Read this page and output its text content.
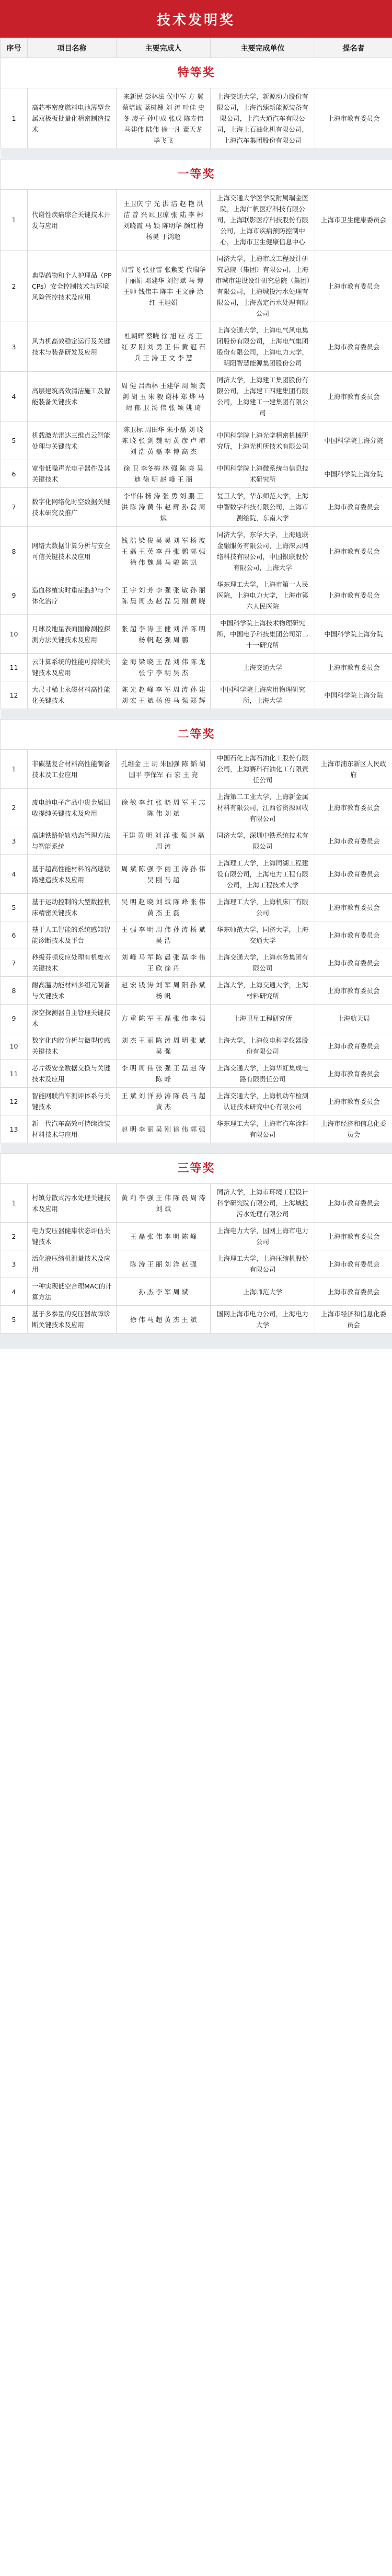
技术发明奖
序号	项目名称	主要完成人	主要完成单位	提名者
特等奖				
1	高芯率密度燃料电池薄型金属双极板批量化精密制造技术	来新民 彭林法 侯中军 方 翼 蔡培诚 蓝树槐 刘 涛 叶佳 史冬 凌子 孙中成 张成 陈寿伟 马建伟 陆伟 徐一凡 董天龙 毕飞飞	上海交通大学，新源动力股份有限公司，上海治臻新能源装备有限公司，上汽大通汽车有限公司，上海上石油化机有限公司，上海汽车集团股份有限公司	上海市教育委员会

一等奖				
1	代谢性疾病综合关键技术开发与应用	王卫庆 宁 光 洪 洁 赵 艳 洪 洁 曾 兴 顾卫琼 张 陆 李 彬 刘晓霞 马 颖 陈明华 颜红梅 杨昊 于鸿超	上海交通大学医学院附属瑞金医院，上海仁帆医疗科技有限公司，上海联影医疗科技股份有限公司，上海市疾病预防控制中心，上海市卫生健康信息中心	上海市卫生健康委员会
2	典型药物和个人护理品（PPCPs）安全控制技术与环境风险管控技术及应用	周雪飞 张亚雷 张紫雯 代瑞华 于丽娟 邓建华 刘智斌 马 博 王帅 钱伟丰 陈丰 王文静 涂红 王旭娟	同济大学，上海市政工程设计研究总院（集团）有限公司，上海市城市建设设计研究总院（集团）有限公司，上海城投污水处理有限公司，上海嘉定污水处理有限公司	上海市教育委员会
3	风力机高效稳定运行及关键技术与装备研发及应用	杜朝辉 蔡晓 徐 旭 应 亮 王 红 罗 刚 刘 勇 王 伟 黄 冠 石 兵 王 涛 王 文 李 慧	上海交通大学，上海电气风电集团股份有限公司，上海电气集团股份有限公司，上海电力大学，明阳智慧能源集团股份公司	上海市教育委员会
4	高层建筑高效清洁施工及智能装备关键技术	周 健 吕西林 王建华 周 颖 龚 剑 胡 玉 朱 毅 谢林 郑 烨 马 靖 郁 卫 汤 伟 张 颖 姚 琦	同济大学，上海建工集团股份有限公司，上海建工四建集团有限公司，上海建工一建集团有限公司	上海市教育委员会
5	机载激光雷达三维点云智能处理与关键技术	陈卫标 周田华 朱小磊 刘 晓 陈 晓 张 剑 魏 明 黄 彦 卢 沛 刘 浩 黄 磊 李 博 高 杰	中国科学院上海光学精密机械研究所，上海光机所技术有限公司	中国科学院上海分院
6	宽带低噪声光电子器件及其关键技术	徐 卫 李冬梅 林 强 陈 亮 吴 迪 徐 明 赵 峰 王 丽	中国科学院上海微系统与信息技术研究所	中国科学院上海分院
7	数字化网络化时空数据关键技术研究及推广	李华伟 杨 涛 张 勇 刘 鹏 王 洪 陈 涛 黄 伟 赵 辉 孙 磊 周 斌	复旦大学，华东师范大学，上海中智数字科技有限公司，上海市测绘院，东南大学	上海市教育委员会
8	网络大数据计算分析与安全可信关键技术及应用	钱 浩 梁 俊 吴 昊 刘 军 杨 波 王 磊 王 英 李 丹 张 鹏 郭 强 徐 伟 魏 晨 马 骏 陈 凯	同济大学，东华大学，上海通联金融服务有限公司，上海深云网络科技有限公司，中国银联股份有限公司，上海大学	上海市教育委员会
9	造血移植实时重症监护与个体化治疗	王 宇 刘 芳 李 强 张 敏 孙 丽 陈 晨 周 杰 赵 磊 吴 刚 黄 晓	华东理工大学，上海市第一人民医院，上海电力大学，上海市第六人民医院	上海市教育委员会
10	月球及地星表面图像测控探测方法关键技术及应用	张 超 李 涛 王 健 刘 洋 陈 明 杨 帆 赵 强 周 鹏	中国科学院上海技术物理研究所，中国电子科技集团公司第二十一研究所	中国科学院上海分院
11	云计算系统的性能可持续关键技术及应用	金 海 梁 晓 王 磊 刘 伟 陈 龙 张 宁 李 明 吴 杰	上海交通大学	上海市教育委员会
12	大尺寸稀土永磁材料高性能化关键技术	陈 光 赵 峰 李 军 周 涛 孙 建 刘 宏 王 斌 杨 俊 马 强 郑 辉	中国科学院上海应用物理研究所，上海大学	中国科学院上海分院

二等奖				
1	非碳基复合材料高性能制备技术及工业应用	孔维金 王 玥 朱国强 陈 韬 胡国平 李保军 石 宏 王 亮	中国石化上海石油化工股份有限公司，上海赛科石油化工有限责任公司	上海市浦东新区人民政府
2	废电池电子产品中贵金属回收提纯关键技术及应用	徐 敏 李 红 张 晓 周 军 王 志 陈 伟 刘 斌	上海第二工业大学，上海新金属材料有限公司，江西省资源回收有限公司	上海市教育委员会
3	高速铁路轮轨动态管理方法与智能系统	王建 黄 明 刘 洋 张 强 赵 磊 周 涛	同济大学，深圳中铁系统技术有限公司	上海市教育委员会
4	基于超高性能材料的高速铁路建造技术及应用	周 斌 陈 强 李 丽 王 涛 孙 伟 吴 刚 马 超	上海理工大学，上海同湖工程建设有限公司，上海电力工程有限公司，上海工程技术大学	上海市教育委员会
5	基于运动控制的大型数控机床精密关键技术	吴 明 赵 晓 刘 斌 陈 峰 张 伟 黄 杰 王 磊	上海理工大学，上海机床厂有限公司	上海市教育委员会
6	基于人工智能的系统感知智能诊断技术及平台	王 强 李 明 周 伟 孙 涛 杨 斌 吴 浩	华东师范大学，同济大学，上海交通大学	上海市教育委员会
7	秒级芬顿反应处理有机废水关键技术	刘 峰 马 军 陈 晨 张 磊 李 伟 王 欣 徐 丹	上海交通大学，上海水务集团有限公司	上海市教育委员会
8	耐高温功能材料多组元制备与关键技术	赵 宏 钱 涛 刘 军 周 阳 孙 斌 杨 帆	上海大学，上海交通大学，上海材料研究所	上海市教育委员会
9	深空探测器自主管理关键技术	方 重 陈 军 王 磊 张 伟 李 强	上海卫星工程研究所	上海航天局
10	数字化内腔分析与微型传感关键技术	刘 杰 王 丽 陈 涛 周 明 张 斌 吴 强	上海大学，上海仪电科学仪器股份有限公司	上海市教育委员会
11	芯片级安全数据交换与关键技术及应用	李 明 周 伟 张 强 王 磊 赵 涛 陈 峰	上海交通大学，上海华虹集成电路有限责任公司	上海市教育委员会
12	智能网联汽车测评体系与关键技术	王 斌 刘 洋 孙 涛 陈 晨 马 超 黄 杰	上海交通大学，上海机动车检测认证技术研究中心有限公司	上海市教育委员会
13	新一代汽车高效可持续涂装材料技术与应用	赵 明 李 丽 吴 刚 徐 伟 郭 强	华东理工大学，上海市汽车涂料有限公司	上海市经济和信息化委员会

三等奖				
1	村镇分散式污水处理关键技术及应用	黄 莉 李 强 王 伟 陈 晨 周 涛 刘 斌	同济大学，上海市环境工程设计科学研究院有限公司，上海城投污水处理有限公司	上海市教育委员会
2	电力变压器健康状态评估关键技术	王 磊 张 伟 李 明 陈 峰	上海电力大学，国网上海市电力公司	上海市教育委员会
3	活化液压缩机测量技术及应用	陈 涛 王 丽 刘 洋 赵 强	上海理工大学，上海压缩机股份有限公司	上海市教育委员会
4	一种实现低空合理MAC的计算方法	孙 杰 李 军 周 斌	上海师范大学	上海市教育委员会
5	基于多参量的变压器故障诊断关键技术及应用	徐 伟 马 超 黄 杰 王 斌	国网上海市电力公司，上海电力大学	上海市经济和信息化委员会
